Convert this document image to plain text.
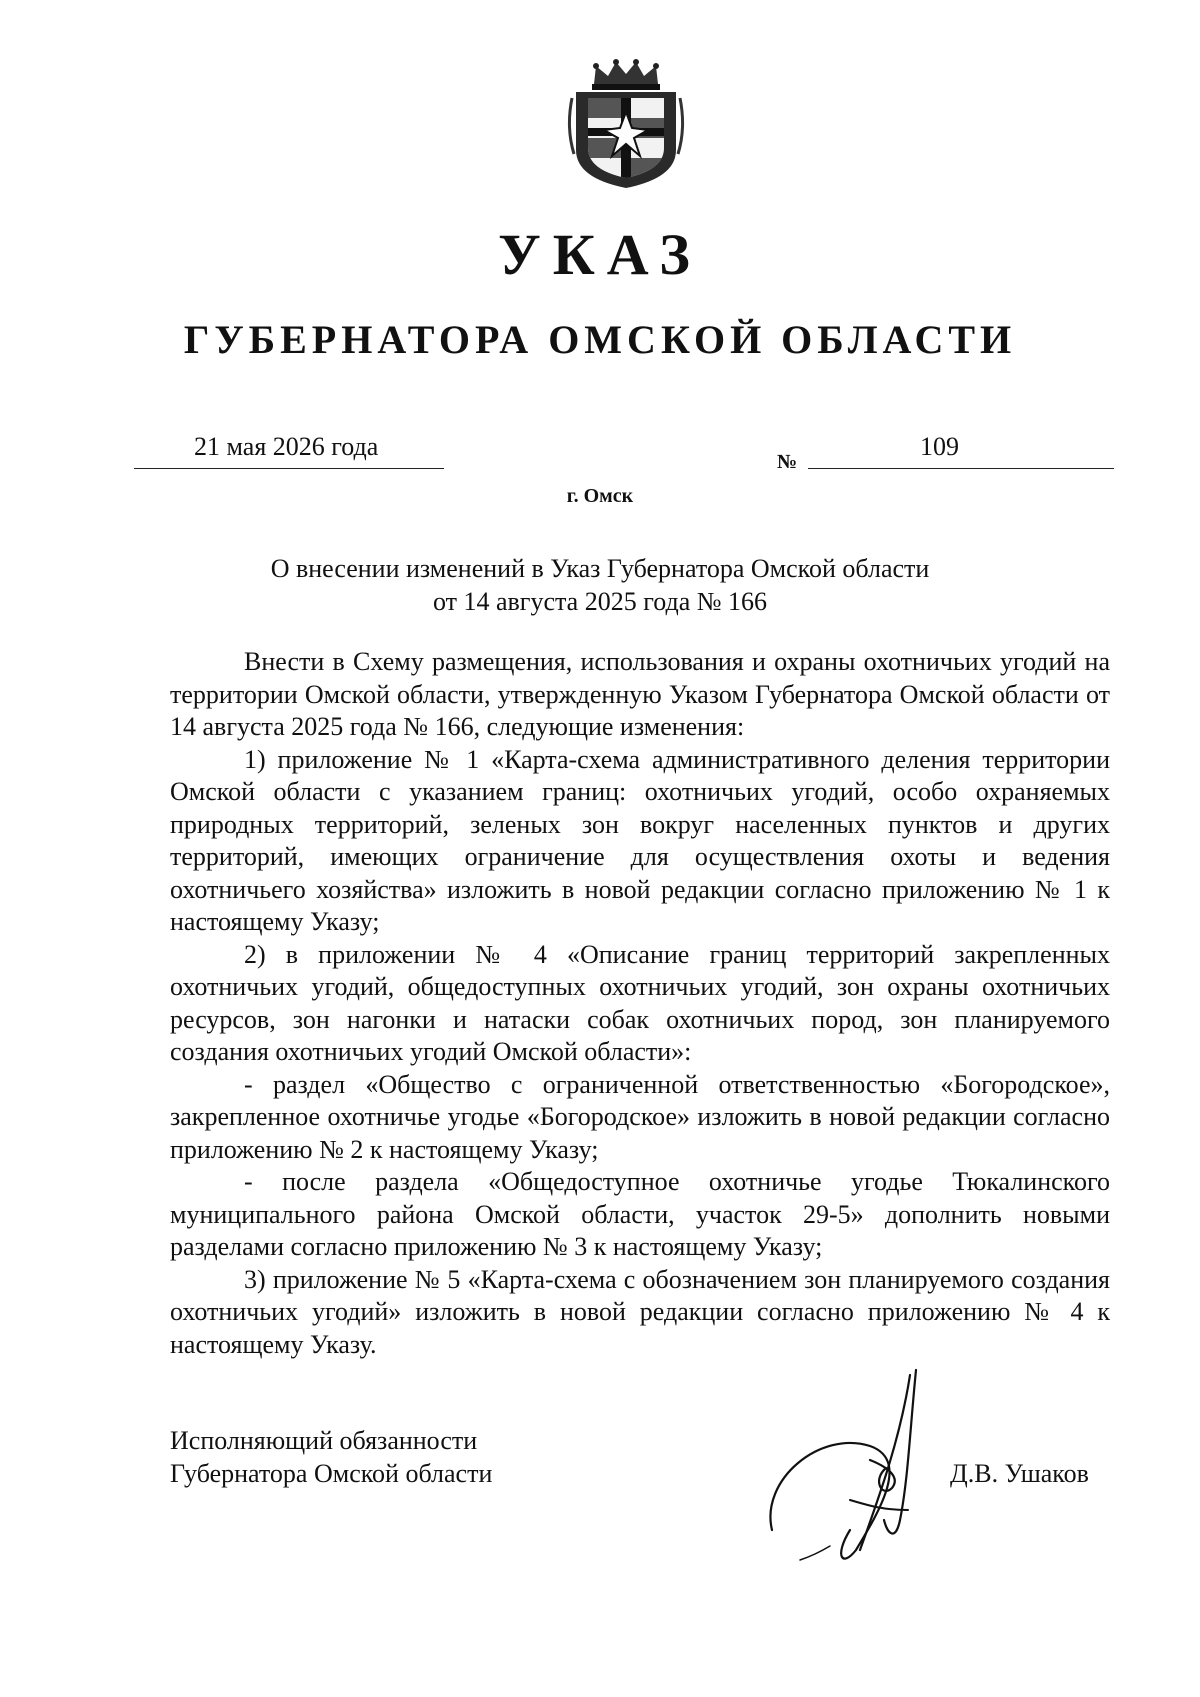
УКАЗ
ГУБЕРНАТОРА ОМСКОЙ ОБЛАСТИ
21 мая 2026 года
№
109
г. Омск
О внесении изменений в Указ Губернатора Омской области
от 14 августа 2025 года № 166

Внести в Схему размещения, использования и охраны охотничьих угодий на территории Омской области, утвержденную Указом Губернатора Омской области от 14 августа 2025 года № 166, следующие изменения:

1) приложение № 1 «Карта-схема административного деления территории Омской области с указанием границ: охотничьих угодий, особо охраняемых природных территорий, зеленых зон вокруг населенных пунктов и других территорий, имеющих ограничение для осуществления охоты и ведения охотничьего хозяйства» изложить в новой редакции согласно приложению № 1 к настоящему Указу;

2) в приложении № 4 «Описание границ территорий закрепленных охотничьих угодий, общедоступных охотничьих угодий, зон охраны охотничьих ресурсов, зон нагонки и натаски собак охотничьих пород, зон планируемого создания охотничьих угодий Омской области»:

- раздел «Общество с ограниченной ответственностью «Богородское», закрепленное охотничье угодье «Богородское» изложить в новой редакции согласно приложению № 2 к настоящему Указу;

- после раздела «Общедоступное охотничье угодье Тюкалинского муниципального района Омской области, участок 29-5» дополнить новыми разделами согласно приложению № 3 к настоящему Указу;

3) приложение № 5 «Карта-схема с обозначением зон планируемого создания охотничьих угодий» изложить в новой редакции согласно приложению № 4 к настоящему Указу.

Исполняющий обязанности
Губернатора Омской области	Д.В. Ушаков
